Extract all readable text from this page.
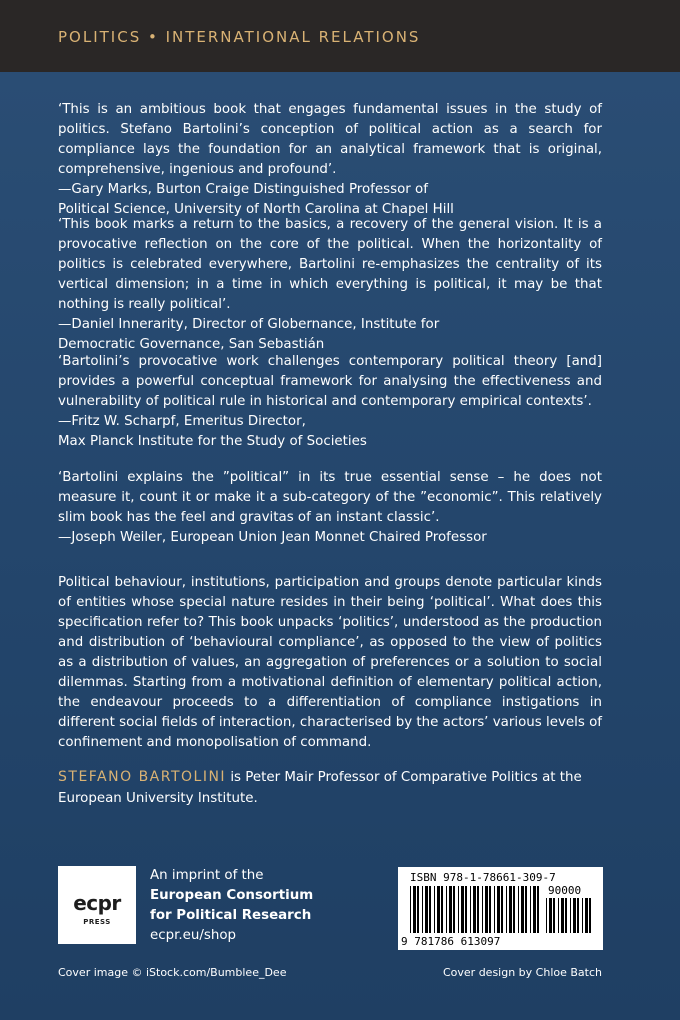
POLITICS • INTERNATIONAL RELATIONS

‘This is an ambitious book that engages fundamental issues in the study of politics. Stefano Bartolini’s conception of political action as a search for compliance lays the foundation for an analytical framework that is original, comprehensive, ingenious and profound’.

—Gary Marks, Burton Craige Distinguished Professor of
Political Science, University of North Carolina at Chapel Hill

‘This book marks a return to the basics, a recovery of the general vision. It is a provocative reflection on the core of the political. When the horizontality of politics is celebrated everywhere, Bartolini re-emphasizes the centrality of its vertical dimension; in a time in which everything is political, it may be that nothing is really political’.

—Daniel Innerarity, Director of Globernance, Institute for
Democratic Governance, San Sebastián

‘Bartolini’s provocative work challenges contemporary political theory [and] provides a powerful conceptual framework for analysing the effectiveness and vulnerability of political rule in historical and contemporary empirical contexts’.

—Fritz W. Scharpf, Emeritus Director,
Max Planck Institute for the Study of Societies

‘Bartolini explains the ”political” in its true essential sense – he does not measure it, count it or make it a sub-category of the ”economic”. This relatively slim book has the feel and gravitas of an instant classic’.

—Joseph Weiler, European Union Jean Monnet Chaired Professor

Political behaviour, institutions, participation and groups denote particular kinds of entities whose special nature resides in their being ‘political’. What does this specification refer to? This book unpacks ‘politics’, understood as the production and distribution of ‘behavioural compliance’, as opposed to the view of politics as a distribution of values, an aggregation of preferences or a solution to social dilemmas. Starting from a motivational definition of elementary political action, the endeavour proceeds to a differentiation of compliance instigations in different social fields of interaction, characterised by the actors’ various levels of confinement and monopolisation of command.

STEFANO BARTOLINI is Peter Mair Professor of Comparative Politics at the European University Institute.

ecpr
PRESS
An imprint of the

European Consortium
for Political Research
ecpr.eu/shop
ISBN 978-1-78661-309-7
90000
9 781786 613097
Cover image © iStock.com/Bumblee_Dee	Cover design by Chloe Batch
